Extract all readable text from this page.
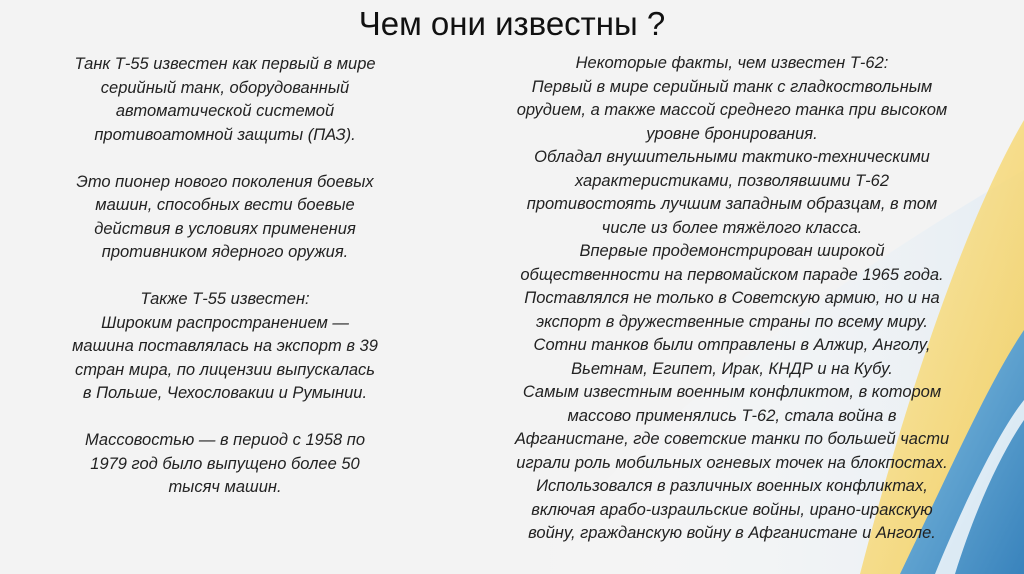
Чем они известны ?

Танк Т-55 известен как первый в мире
серийный танк, оборудованный
автоматической системой
противоатомной защиты (ПАЗ).

Это пионер нового поколения боевых
машин, способных вести боевые
действия в условиях применения
противником ядерного оружия.

Также Т-55 известен:
Широким распространением —
машина поставлялась на экспорт в 39
стран мира, по лицензии выпускалась
в Польше, Чехословакии и Румынии.

Массовостью — в период с 1958 по
1979 год было выпущено более 50
тысяч машин.

Некоторые факты, чем известен Т-62:
Первый в мире серийный танк с гладкоствольным
орудием, а также массой среднего танка при высоком
уровне бронирования.
Обладал внушительными тактико-техническими
характеристиками, позволявшими Т-62
противостоять лучшим западным образцам, в том
числе из более тяжёлого класса.
Впервые продемонстрирован широкой
общественности на первомайском параде 1965 года.
Поставлялся не только в Советскую армию, но и на
экспорт в дружественные страны по всему миру.
Сотни танков были отправлены в Алжир, Анголу,
Вьетнам, Египет, Ирак, КНДР и на Кубу.
Самым известным военным конфликтом, в котором
массово применялись Т-62, стала война в
Афганистане, где советские танки по большей части
играли роль мобильных огневых точек на блокпостах.
Использовался в различных военных конфликтах,
включая арабо-израильские войны, ирано-иракскую
войну, гражданскую войну в Афганистане и Анголе.
